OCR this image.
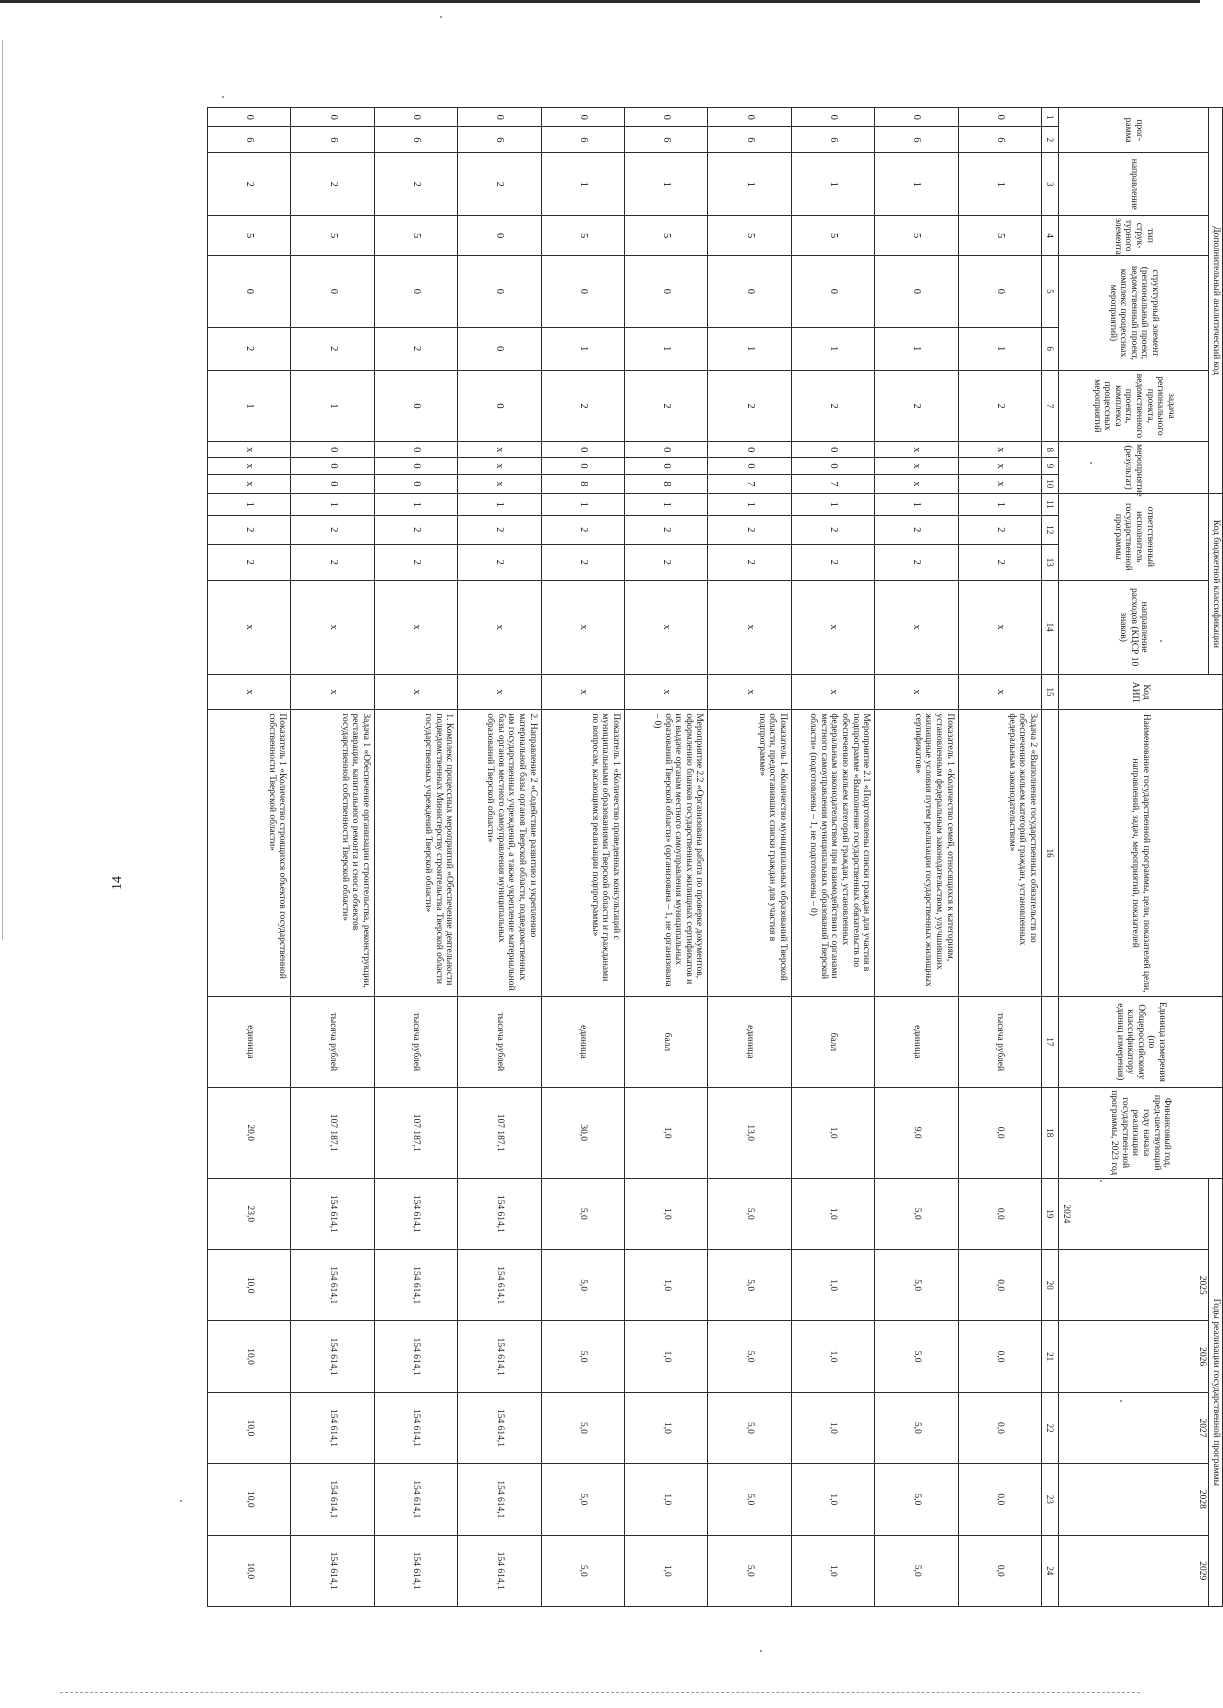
14
Дополнительный аналитический код										Код бюджетной классификации				Код АИП	Наименование государственной программы, цели, показателей цели, направлений, задач, мероприятий, показателей	Единица измерения (по Общероссийскому классификатору единиц измерения)	Финансовый год, пред-шествующий году начала реализации государствен-ной программы, 2023 год	Годы реализации государственной программы					
прог-рамма		направление	тип струк-турного элемента	структурный элемент (региональный проект, ведомственный проект, комплекс процессных мероприятий)		задача регионального проекта, ведомственного проекта, комплекса процессных мероприятий	мероприятие (результат)			ответственный исполнитель государственной программы			направление расходов (КЦСР 10 знаков)					2024	2025	2026	2027	2028	2029

1	2	3	4	5	6	7	8	9	10	11	12	13	14	15	16	17	18	19	20	21	22	23	24
0	6	1	5	0	1	2	x	x	x	1	2	2	x	x	Задача 2 «Выполнение государственных обязательств по обеспечению жильем категорий граждан, установленных федеральным законодательством»	тысяча рублей	0,0	0,0	0,0	0,0	0,0	0,0	0,0
0	6	1	5	0	1	2	x	x	x	1	2	2	x	x	Показатель 1 «Количество семей, относящихся к категориям, установленным федеральным законодательством, улучшивших жилищные условия путем реализации государственных жилищных сертификатов»	единица	9,0	5,0	5,0	5,0	5,0	5,0	5,0
0	6	1	5	0	1	2	0	0	7	1	2	2	x	x	Мероприятие 2.1 «Подготовлены списки граждан для участия в подпрограмме «Выполнение государственных обязательств по обеспечению жильем категорий граждан, установленных федеральным законодательством при взаимодействии с органами местного самоуправления муниципальных образований Тверской области» (подготовлены – 1, не подготовлены – 0)	балл	1,0	1,0	1,0	1,0	1,0	1,0	1,0
0	6	1	5	0	1	2	0	0	7	1	2	2	x	x	Показатель 1 «Количество муниципальных образований Тверской области, предоставивших списки граждан для участия в подпрограмме»	единица	13,0	5,0	5,0	5,0	5,0	5,0	5,0
0	6	1	5	0	1	2	0	0	8	1	2	2	x	x	Мероприятие 2.2 «Организована работа по проверке документов, оформлению бланков государственных жилищных сертификатов и их выдаче органам местного самоуправления муниципальных образований Тверской области» (организована – 1, не организована – 0)	балл	1,0	1,0	1,0	1,0	1,0	1,0	1,0
0	6	1	5	0	1	2	0	0	8	1	2	2	x	x	Показатель 1 «Количество проведенных консультаций с муниципальными образованиями Тверской области и гражданами по вопросам, касающимся реализации подпрограммы»	единица	30,0	5,0	5,0	5,0	5,0	5,0	5,0
0	6	2	0	0	0	0	x	x	x	1	2	2	x	x	2. Направление 2 «Содействие развитию и укреплению материальной базы органов Тверской области, подведомственных им государственных учреждений, а также укрепление материальной базы органов местного самоуправления муниципальных образований Тверской области»	тысяча рублей	107 187,1	154 614,1	154 614,1	154 614,1	154 614,1	154 614,1	154 614,1
0	6	2	5	0	2	0	0	0	0	1	2	2	x	x	1. Комплекс процессных мероприятий «Обеспечение деятельности подведомственных Министерству строительства Тверской области государственных учреждений Тверской области»	тысяча рублей	107 187,1	154 614,1	154 614,1	154 614,1	154 614,1	154 614,1	154 614,1
0	6	2	5	0	2	1	0	0	0	1	2	2	x	x	Задача 1 «Обеспечение организации строительства, реконструкции, реставрации, капитального ремонта и сноса объектов государственной собственности Тверской области»	тысяча рублей	107 187,1	154 614,1	154 614,1	154 614,1	154 614,1	154 614,1	154 614,1
0	6	2	5	0	2	1	x	x	x	1	2	2	x	x	Показатель 1 «Количество строящихся объектов государственной собственности Тверской области»	единица	20,0	23,0	10,0	10,0	10,0	10,0	10,0
